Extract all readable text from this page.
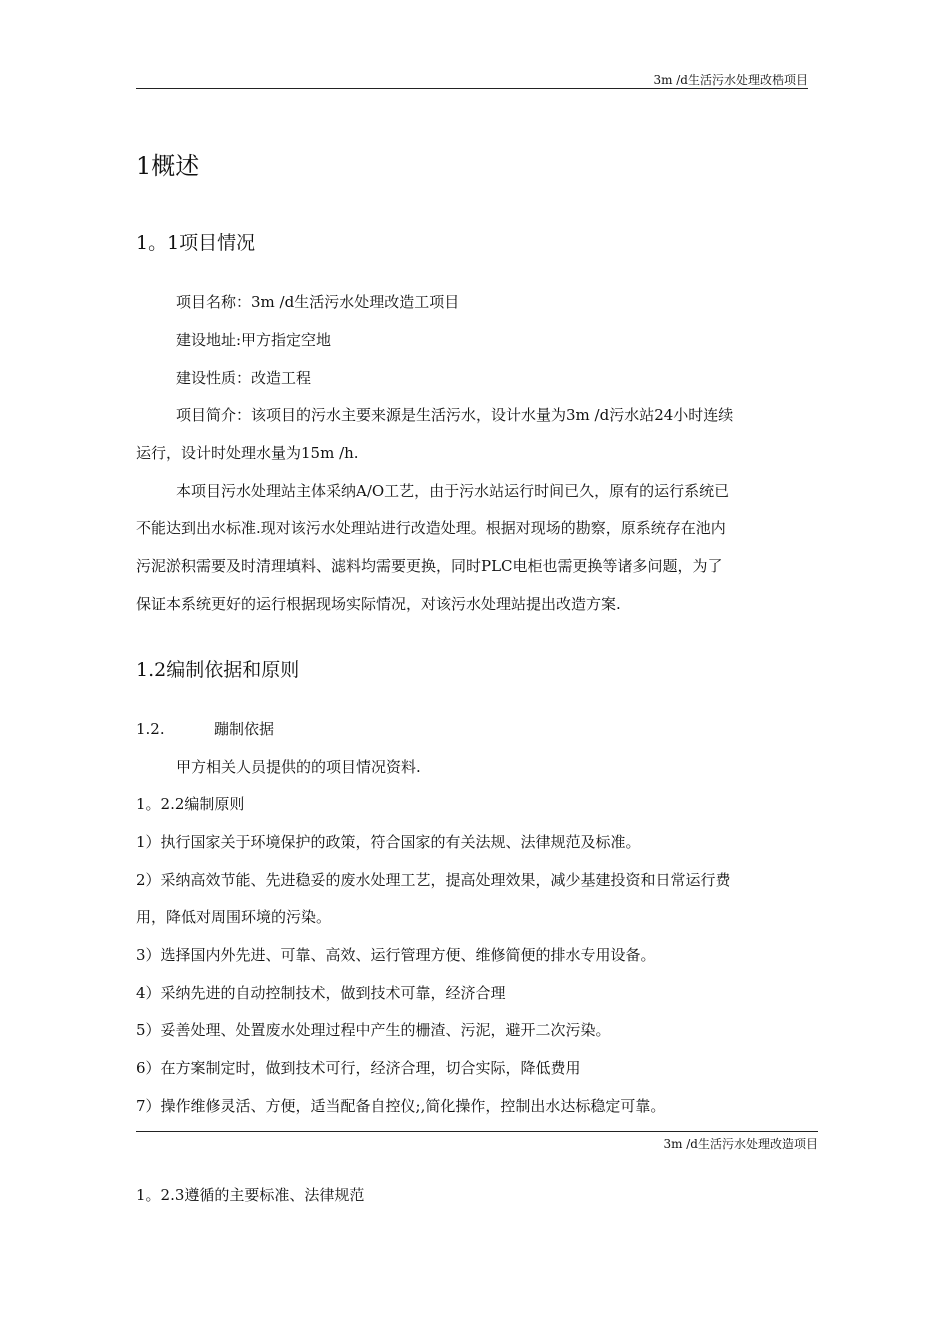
3m /d生活污水处理改梏项目
1概述
1。1项目情况
项目名称：3m /d生活污水处理改造工项目
建设地址:甲方指定空地
建设性质：改造工程
项目简介：该项目的污水主要来源是生活污水，设计水量为3m /d污水站24小时连续
运行，设计时处理水量为15m /h.
本项目污水处理站主体采纳A/O工艺，由于污水站运行时间已久，原有的运行系统已
不能达到出水标准.现对该污水处理站进行改造处理。根据对现场的勘察，原系统存在池内
污泥淤积需要及时清理填料、滤料均需要更换，同时PLC电柜也需更换等诸多问题，为了
保证本系统更好的运行根据现场实际情况，对该污水处理站提出改造方案.
1.2编制依据和原则
1.2.	蹦制依据
甲方相关人员提供的的项目情况资料.
1。2.2编制原则
1）执行国家关于环境保护的政策，符合国家的有关法规、法律规范及标准。
2）采纳高效节能、先进稳妥的废水处理工艺，提高处理效果，减少基建投资和日常运行费
用，降低对周围环境的污染。
3）选择国内外先进、可靠、高效、运行管理方便、维修简便的排水专用设备。
4）采纳先进的自动控制技术，做到技术可靠，经济合理
5）妥善处理、处置废水处理过程中产生的栅渣、污泥，避开二次污染。
6）在方案制定时，做到技术可行，经济合理，切合实际，降低费用
7）操作维修灵活、方便，适当配备自控仪;,简化操作，控制出水达标稳定可靠。
3m /d生活污水处理改造项目
1。2.3遵循的主要标准、法律规范
